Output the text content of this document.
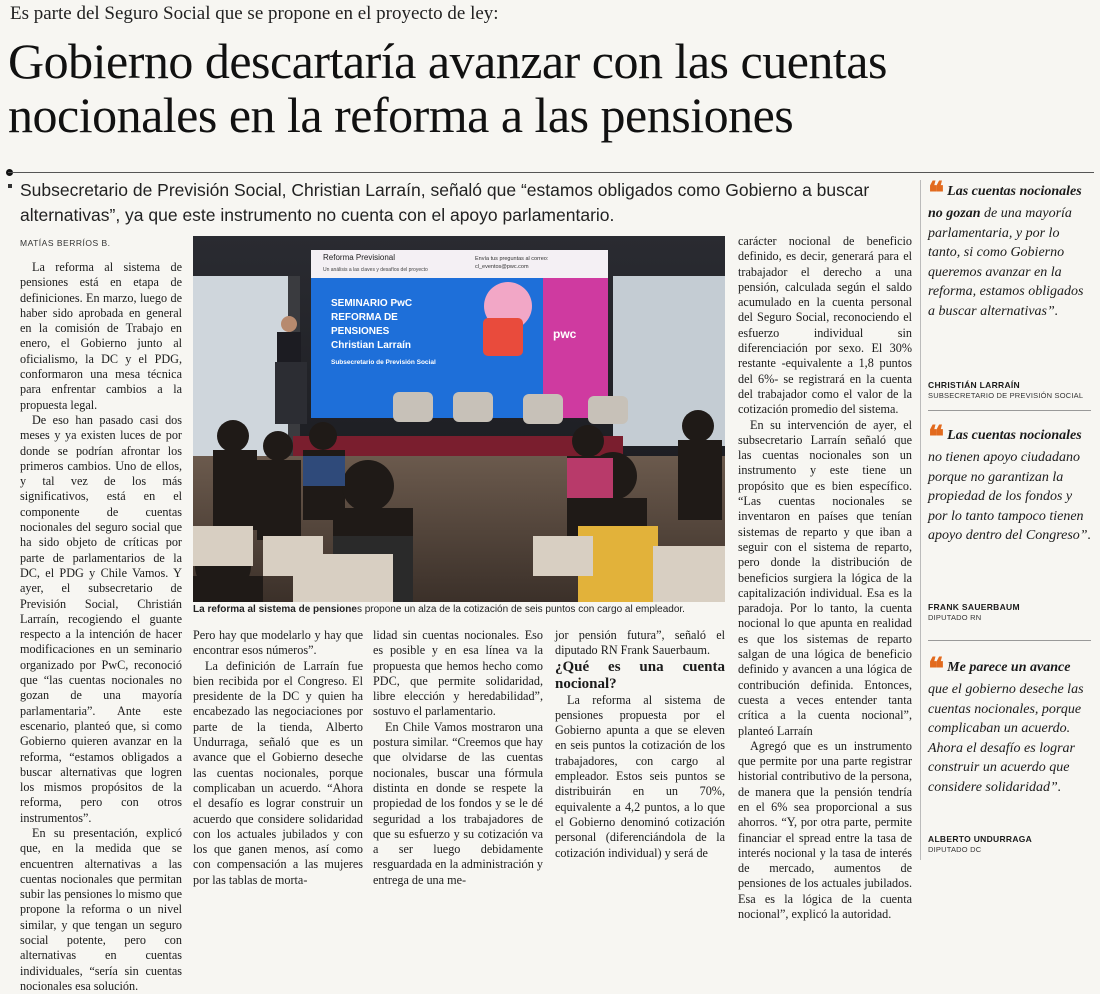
Es parte del Seguro Social que se propone en el proyecto de ley:
Gobierno descartaría avanzar con las cuentas nocionales en la reforma a las pensiones
Subsecretario de Previsión Social, Christian Larraín, señaló que “estamos obligados como Gobierno a buscar alternativas”, ya que este instrumento no cuenta con el apoyo parlamentario.
MATÍAS BERRÍOS B.

La reforma al sistema de pensiones está en etapa de definiciones. En marzo, luego de haber sido aprobada en general en la comisión de Trabajo en enero, el Gobierno junto al oficialismo, la DC y el PDG, conformaron una mesa técnica para enfrentar cambios a la propuesta legal.

De eso han pasado casi dos meses y ya existen luces de por donde se podrían afrontar los primeros cambios. Uno de ellos, y tal vez de los más significativos, está en el componente de cuentas nocionales del seguro social que ha sido objeto de críticas por parte de parlamentarios de la DC, el PDG y Chile Vamos. Y ayer, el subsecretario de Previsión Social, Christián Larraín, recogiendo el guante respecto a la intención de hacer modificaciones en un seminario organizado por PwC, reconoció que “las cuentas nocionales no gozan de una mayoría parlamentaria”. Ante este escenario, planteó que, si como Gobierno quieren avanzar en la reforma, “estamos obligados a buscar alternativas que logren los mismos propósitos de la reforma, pero con otros instrumentos”.

En su presentación, explicó que, en la medida que se encuentren alternativas a las cuentas nocionales que permitan subir las pensiones lo mismo que propone la reforma o un nivel similar, y que tengan un seguro social potente, pero con alternativas en cuentas individuales, “sería sin cuentas nocionales esa solución.

Reforma Previsional
Un análisis a las claves y desafíos del proyecto
Envía tus preguntas al correo:
cl_eventos@pwc.com
SEMINARIO PwC
REFORMA DE
PENSIONES
Christian Larraín
Subsecretario de Previsión Social
pwc
La reforma al sistema de pensiones propone un alza de la cotización de seis puntos con cargo al empleador.

Pero hay que modelarlo y hay que encontrar esos números”.

La definición de Larraín fue bien recibida por el Congreso. El presidente de la DC y quien ha encabezado las negociaciones por parte de la tienda, Alberto Undurraga, señaló que es un avance que el Gobierno deseche las cuentas nocionales, porque complicaban un acuerdo. “Ahora el desafío es lograr construir un acuerdo que considere solidaridad con los actuales jubilados y con los que ganen menos, así como con compensación a las mujeres por las tablas de morta-

lidad sin cuentas nocionales. Eso es posible y en esa línea va la propuesta que hemos hecho como PDC, que permite solidaridad, libre elección y heredabilidad”, sostuvo el parlamentario.

En Chile Vamos mostraron una postura similar. “Creemos que hay que olvidarse de las cuentas nocionales, buscar una fórmula distinta en donde se respete la propiedad de los fondos y se le dé seguridad a los trabajadores de que su esfuerzo y su cotización va a ser luego debidamente resguardada en la administración y entrega de una me-

jor pensión futura”, señaló el diputado RN Frank Sauerbaum.

¿Qué es una cuenta nocional?

La reforma al sistema de pensiones propuesta por el Gobierno apunta a que se eleven en seis puntos la cotización de los trabajadores, con cargo al empleador. Estos seis puntos se distribuirán en un 70%, equivalente a 4,2 puntos, a lo que el Gobierno denominó cotización personal (diferenciándola de la cotización individual) y será de

carácter nocional de beneficio definido, es decir, generará para el trabajador el derecho a una pensión, calculada según el saldo acumulado en la cuenta personal del Seguro Social, reconociendo el esfuerzo individual sin diferenciación por sexo. El 30% restante -equivalente a 1,8 puntos del 6%- se registrará en la cuenta del trabajador como el valor de la cotización promedio del sistema.

En su intervención de ayer, el subsecretario Larraín señaló que las cuentas nocionales son un instrumento y este tiene un propósito que es bien específico. “Las cuentas nocionales se inventaron en países que tenían sistemas de reparto y que iban a seguir con el sistema de reparto, pero donde la distribución de beneficios surgiera la lógica de la capitalización individual. Esa es la paradoja. Por lo tanto, la cuenta nocional lo que apunta en realidad es que los sistemas de reparto salgan de una lógica de beneficio definido y avancen a una lógica de contribución definida. Entonces, cuesta a veces entender tanta crítica a la cuenta nocional”, planteó Larraín

Agregó que es un instrumento que permite por una parte registrar historial contributivo de la persona, de manera que la pensión tendría en el 6% sea proporcional a sus ahorros. “Y, por otra parte, permite financiar el spread entre la tasa de interés nocional y la tasa de interés de mercado, aumentos de pensiones de los actuales jubilados. Esa es la lógica de la cuenta nocional”, explicó la autoridad.

❝ Las cuentas nocionales no gozan de una mayoría parlamentaria, y por lo tanto, si como Gobierno queremos avanzar en la reforma, estamos obligados a buscar alternativas”.
CHRISTIÁN LARRAÍN
SUBSECRETARIO DE PREVISIÓN SOCIAL
❝ Las cuentas nocionales no tienen apoyo ciudadano porque no garantizan la propiedad de los fondos y por lo tanto tampoco tienen apoyo dentro del Congreso”.
FRANK SAUERBAUM
DIPUTADO RN
❝ Me parece un avance que el gobierno deseche las cuentas nocionales, porque complicaban un acuerdo. Ahora el desafío es lograr construir un acuerdo que considere solidaridad”.
ALBERTO UNDURRAGA
DIPUTADO DC
